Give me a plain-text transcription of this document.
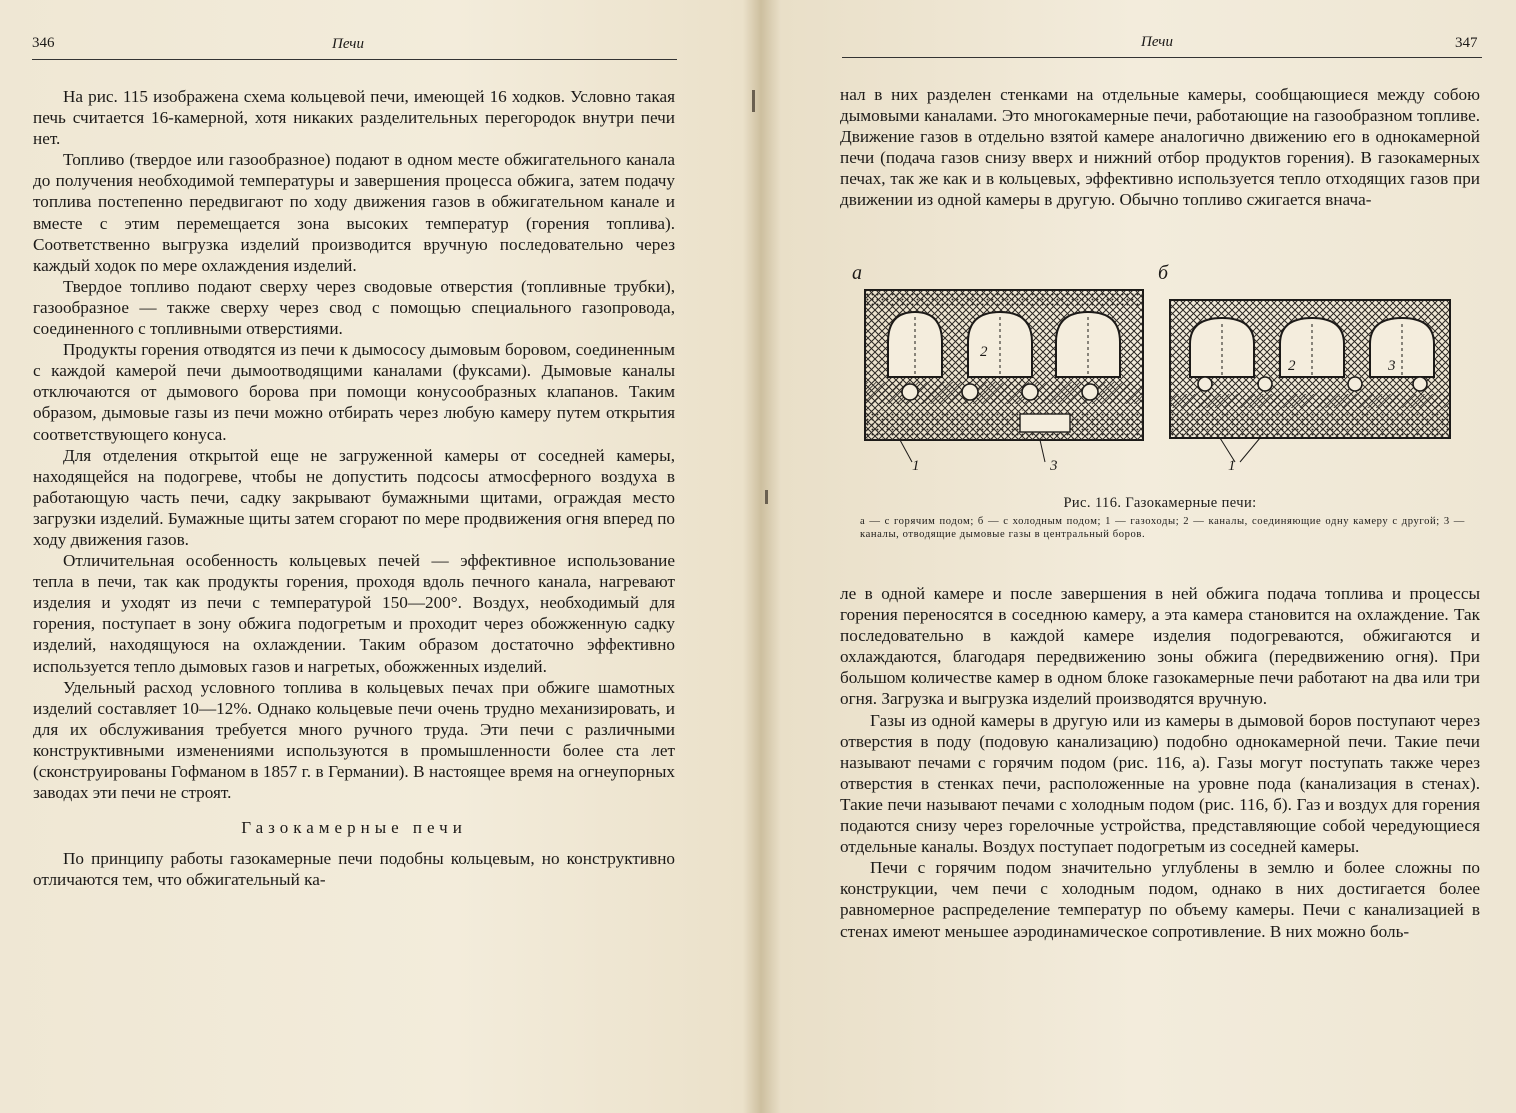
346	Печи

На рис. 115 изображена схема кольцевой печи, имеющей 16 ходков. Условно такая печь считается 16-камерной, хотя никаких разделительных перегородок внутри печи нет.

Топливо (твердое или газообразное) подают в одном месте обжигательного канала до получения необходимой температуры и завершения процесса обжига, затем подачу топлива постепенно передвигают по ходу движения газов в обжигательном канале и вместе с этим перемещается зона высоких температур (горения топлива). Соответственно выгрузка изделий производится вручную последовательно через каждый ходок по мере охлаждения изделий.

Твердое топливо подают сверху через сводовые отверстия (топливные трубки), газообразное — также сверху через свод с помощью специального газопровода, соединенного с топливными отверстиями.

Продукты горения отводятся из печи к дымососу дымовым боровом, соединенным с каждой камерой печи дымоотводящими каналами (фуксами). Дымовые каналы отключаются от дымового борова при помощи конусообразных клапанов. Таким образом, дымовые газы из печи можно отбирать через любую камеру путем открытия соответствующего конуса.

Для отделения открытой еще не загруженной камеры от соседней камеры, находящейся на подогреве, чтобы не допустить подсосы атмосферного воздуха в работающую часть печи, садку закрывают бумажными щитами, ограждая место загрузки изделий. Бумажные щиты затем сгорают по мере продвижения огня вперед по ходу движения газов.

Отличительная особенность кольцевых печей — эффективное использование тепла в печи, так как продукты горения, проходя вдоль печного канала, нагревают изделия и уходят из печи с температурой 150—200°. Воздух, необходимый для горения, поступает в зону обжига подогретым и проходит через обожженную садку изделий, находящуюся на охлаждении. Таким образом достаточно эффективно используется тепло дымовых газов и нагретых, обожженных изделий.

Удельный расход условного топлива в кольцевых печах при обжиге шамотных изделий составляет 10—12%. Однако кольцевые печи очень трудно механизировать, и для их обслуживания требуется много ручного труда. Эти печи с различными конструктивными изменениями используются в промышленности более ста лет (сконструированы Гофманом в 1857 г. в Германии). В настоящее время на огнеупорных заводах эти печи не строят.

Газокамерные печи

По принципу работы газокамерные печи подобны кольцевым, но конструктивно отличаются тем, что обжигательный ка-

Печи	347

нал в них разделен стенками на отдельные камеры, сообщающиеся между собою дымовыми каналами. Это многокамерные печи, работающие на газообразном топливе. Движение газов в отдельно взятой камере аналогично движению его в однокамерной печи (подача газов снизу вверх и нижний отбор продуктов горения). В газокамерных печах, так же как и в кольцевых, эффективно используется тепло отходящих газов при движении из одной камеры в другую. Обычно топливо сжигается внача-

ле в одной камере и после завершения в ней обжига подача топлива и процессы горения переносятся в соседнюю камеру, а эта камера становится на охлаждение. Так последовательно в каждой камере изделия подогреваются, обжигаются и охлаждаются, благодаря передвижению зоны обжига (передвижению огня). При большом количестве камер в одном блоке газокамерные печи работают на два или три огня. Загрузка и выгрузка изделий производятся вручную.

Газы из одной камеры в другую или из камеры в дымовой боров поступают через отверстия в поду (подовую канализацию) подобно однокамерной печи. Такие печи называют печами с горячим подом (рис. 116, а). Газы могут поступать также через отверстия в стенках печи, расположенные на уровне пода (канализация в стенах). Такие печи называют печами с холодным подом (рис. 116, б). Газ и воздух для горения подаются снизу через горелочные устройства, представляющие собой чередующиеся отдельные каналы. Воздух поступает подогретым из соседней камеры.

Печи с горячим подом значительно углублены в землю и более сложны по конструкции, чем печи с холодным подом, однако в них достигается более равномерное распределение температур по объему камеры. Печи с канализацией в стенах имеют меньшее аэродинамическое сопротивление. В них можно боль-

а	б
2
1	3
2	3
1
Рис. 116. Газокамерные печи:
а — с горячим подом; б — с холодным подом; 1 — газоходы; 2 — каналы, соединяющие одну камеру с другой; 3 — каналы, отводящие дымовые газы в центральный боров.
